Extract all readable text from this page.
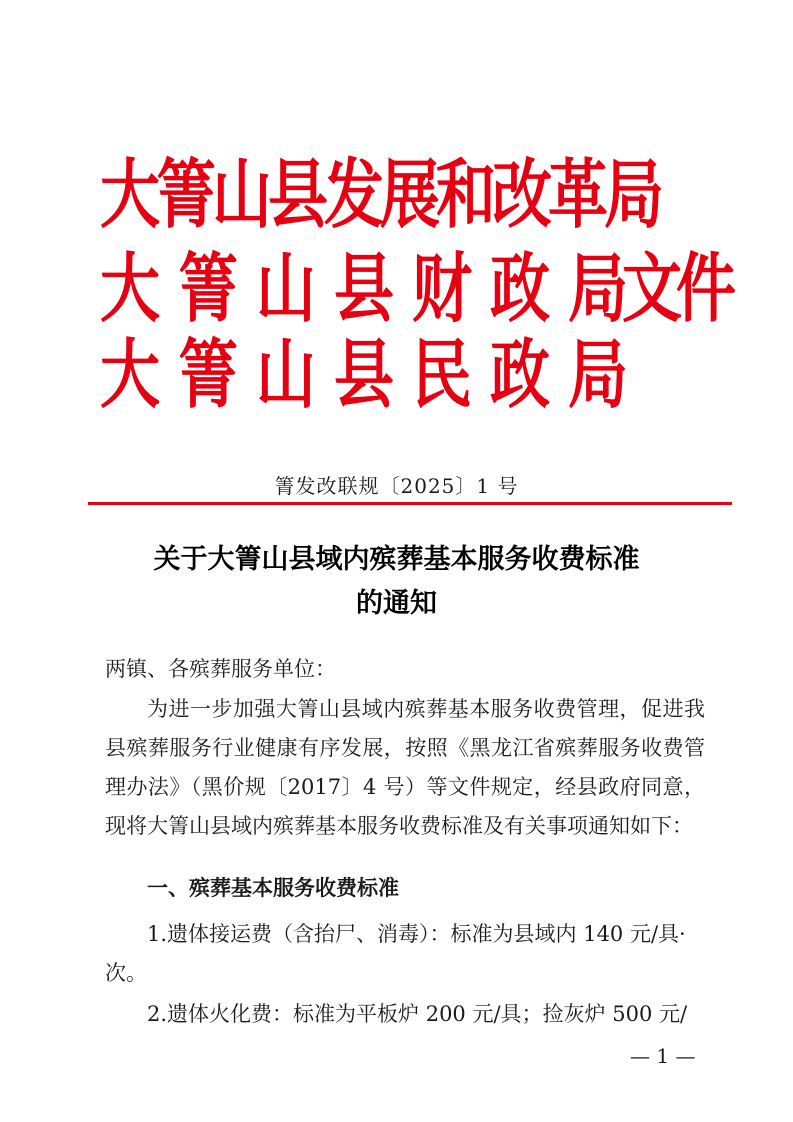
大箐山县发展和改革局
大 箐 山 县 财 政 局文件
大 箐 山 县 民 政 局
箐发改联规〔2025〕1 号
关于大箐山县域内殡葬基本服务收费标准
的通知
两镇、各殡葬服务单位：
为进一步加强大箐山县域内殡葬基本服务收费管理，促进我县殡葬服务行业健康有序发展，按照《黑龙江省殡葬服务收费管理办法》（黑价规〔2017〕4 号）等文件规定，经县政府同意，现将大箐山县域内殡葬基本服务收费标准及有关事项通知如下：
一、殡葬基本服务收费标准
1.遗体接运费（含抬尸、消毒）：标准为县域内 140 元/具·次。
2.遗体火化费：标准为平板炉 200 元/具；捡灰炉 500 元/
— 1 —
